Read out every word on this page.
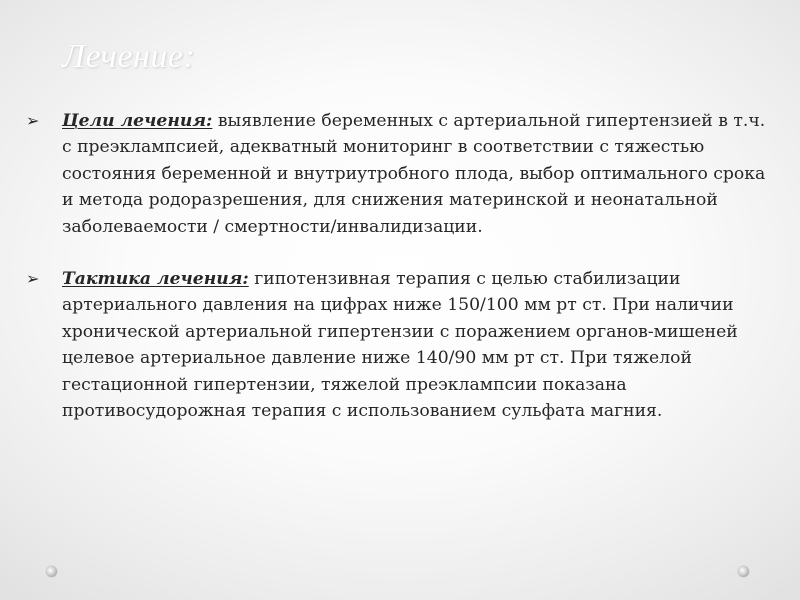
Лечение:
➢ Цели лечения: выявление беременных с артериальной гипертензией в т.ч. с преэклампсией, адекватный мониторинг в соответствии с тяжестью состояния беременной и внутриутробного плода, выбор оптимального срока и метода родоразрешения, для снижения материнской и неонатальной заболеваемости / смертности/инвалидизации.
➢ Тактика лечения: гипотензивная терапия с целью стабилизации артериального давления на цифрах ниже 150/100 мм рт ст. При наличии хронической артериальной гипертензии с поражением органов-мишеней целевое артериальное давление ниже 140/90 мм рт ст. При тяжелой гестационной гипертензии, тяжелой преэклампсии показана противосудорожная терапия с использованием сульфата магния.
